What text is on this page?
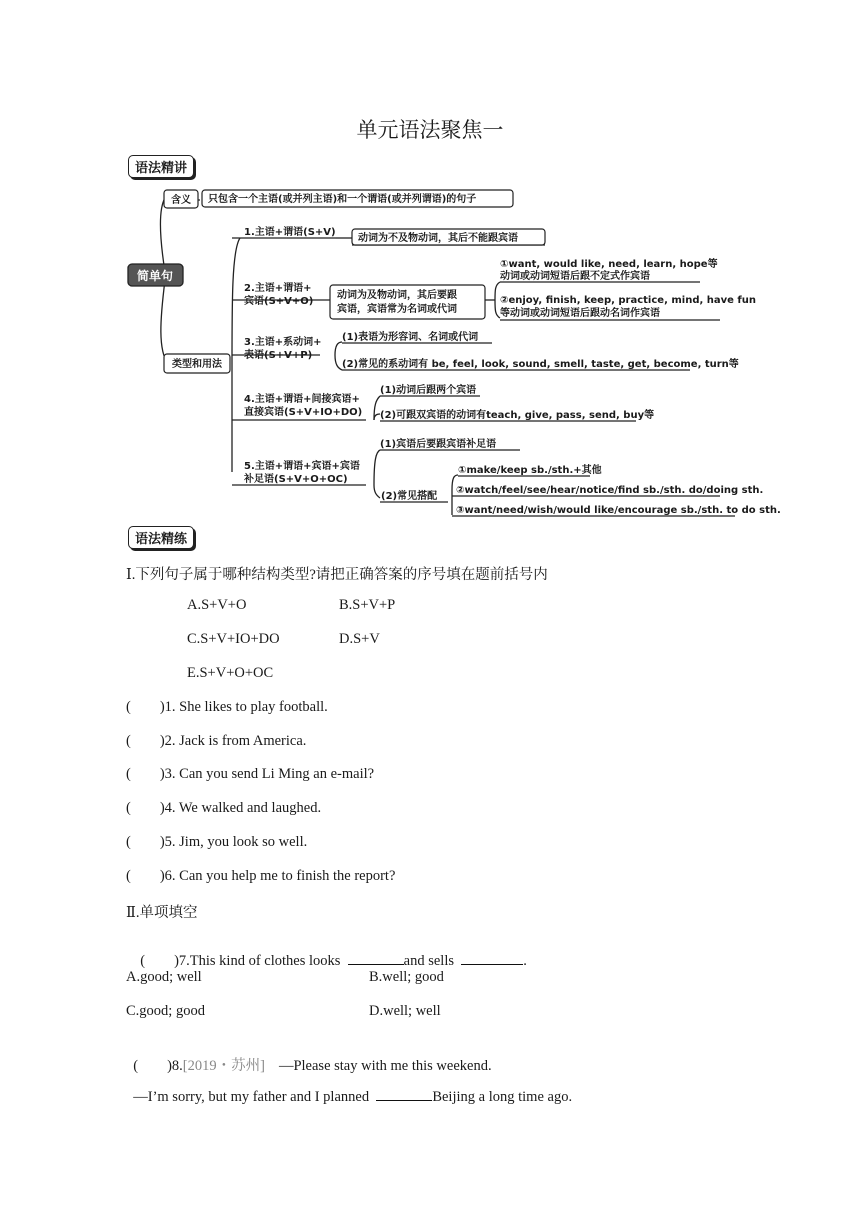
单元语法聚焦一
语法精讲
简单句
含义 只包含一个主语(或并列主语)和一个谓语(或并列谓语)的句子
类型和用法
1.主语+谓语(S+V)
动词为不及物动词，其后不能跟宾语
2.主语+谓语+
宾语(S+V+O)
动词为及物动词，其后要跟
宾语，宾语常为名词或代词
①want, would like, need, learn, hope等
动词或动词短语后跟不定式作宾语
②enjoy, finish, keep, practice, mind, have fun
等动词或动词短语后跟动名词作宾语
3.主语+系动词+
表语(S+V+P)
(1)表语为形容词、名词或代词
(2)常见的系动词有 be, feel, look, sound, smell, taste, get, become, turn等
4.主语+谓语+间接宾语+
直接宾语(S+V+IO+DO)
(1)动词后跟两个宾语
(2)可跟双宾语的动词有teach, give, pass, send, buy等
5.主语+谓语+宾语+宾语
补足语(S+V+O+OC)
(1)宾语后要跟宾语补足语
(2)常见搭配
①make/keep sb./sth.+其他
②watch/feel/see/hear/notice/find sb./sth. do/doing sth.
③want/need/wish/would like/encourage sb./sth. to do sth.
语法精练
Ⅰ.下列句子属于哪种结构类型?请把正确答案的序号填在题前括号内
A.S+V+O	B.S+V+P
C.S+V+IO+DO	D.S+V
E.S+V+O+OC
(        )1. She likes to play football.
(        )2. Jack is from America.
(        )3. Can you send Li Ming an e-mail?
(        )4. We walked and laughed.
(        )5. Jim, you look so well.
(        )6. Can you help me to finish the report?
Ⅱ.单项填空

(        )7.This kind of clothes looks	and sells	.

A.good; well	B.well; good
C.good; good	D.well; well

(        )8.[2019・苏州] —Please stay with me this weekend.

—I’m sorry, but my father and I planned	Beijing a long time ago.
